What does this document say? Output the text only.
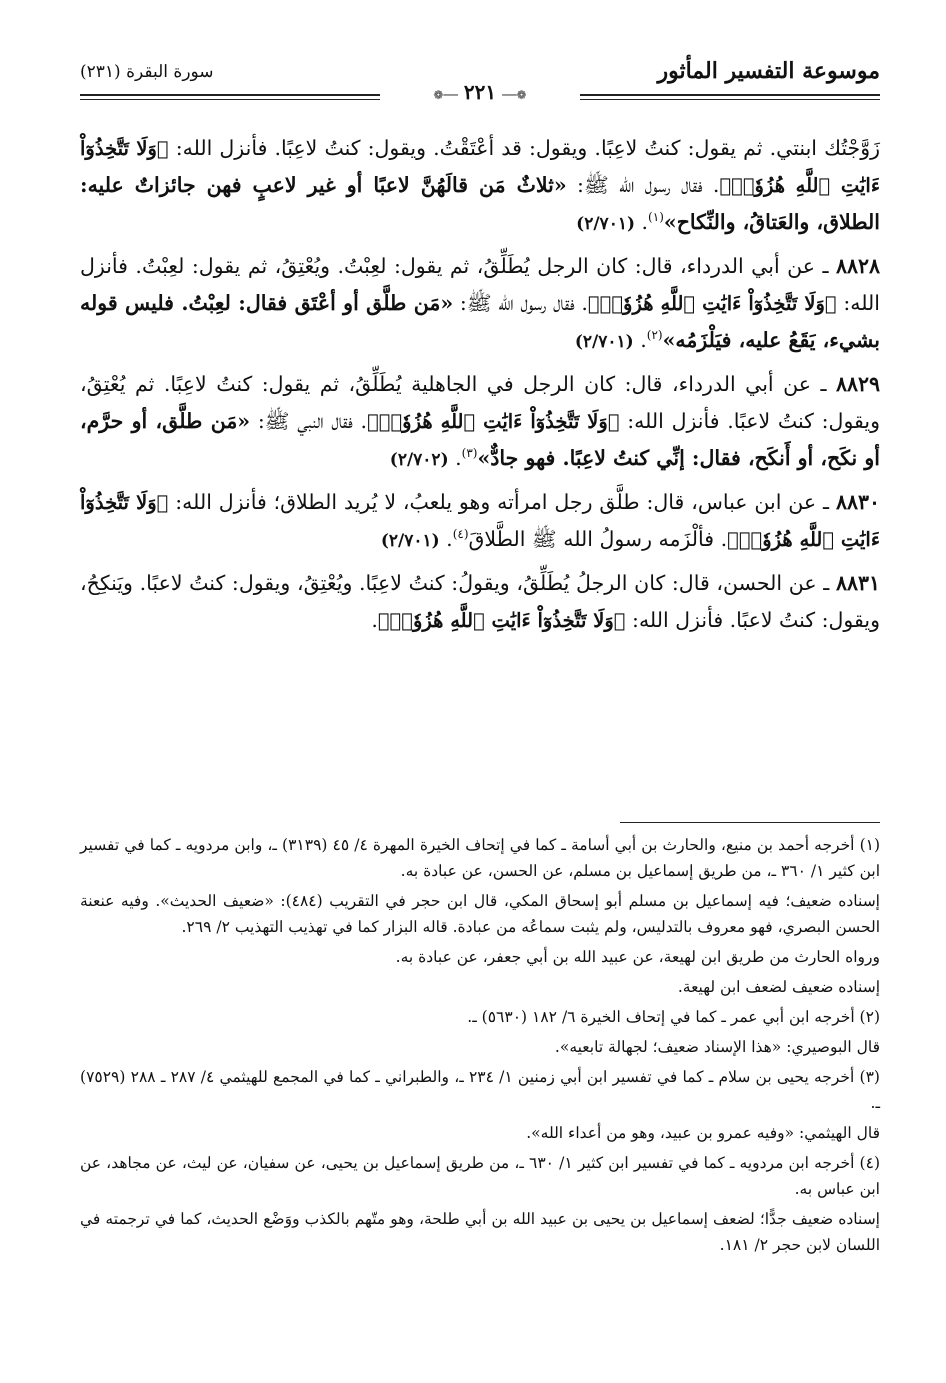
موسوعة التفسير المأثور
❁──٢٢١──❁
سورة البقرة (٢٣١)

زَوَّجْتُك ابنتي. ثم يقول: كنتُ لاعِبًا. ويقول: قد أعْتَقْتُ. ويقول: كنتُ لاعِبًا. فأنزل الله: ﴿وَلَا تَتَّخِذُوٓاْ ءَايَٰتِ ٱللَّهِ هُزُوٗاۚ﴾. فقال رسول الله ﷺ: «ثلاثٌ مَن قالَهُنَّ لاعبًا أو غير لاعبٍ فهن جائزاتٌ عليه: الطلاق، والعَتاقُ، والنِّكاح»$^{(١)}$. (٢/٧٠١)

٨٨٢٨ ـ عن أبي الدرداء، قال: كان الرجل يُطَلِّقُ، ثم يقول: لعِبْتُ. ويُعْتِقُ، ثم يقول: لعِبْتُ. فأنزل الله: ﴿وَلَا تَتَّخِذُوٓاْ ءَايَٰتِ ٱللَّهِ هُزُوٗاۚ﴾. فقال رسول الله ﷺ: «مَن طلَّق أو أعْتَق فقال: لعِبْتُ. فليس قوله بشيء، يَقَعُ عليه، فيَلْزَمُه»$^{(٢)}$. (٢/٧٠١)

٨٨٢٩ ـ عن أبي الدرداء، قال: كان الرجل في الجاهلية يُطَلِّقُ، ثم يقول: كنتُ لاعِبًا. ثم يُعْتِقُ، ويقول: كنتُ لاعبًا. فأنزل الله: ﴿وَلَا تَتَّخِذُوٓاْ ءَايَٰتِ ٱللَّهِ هُزُوٗاۚ﴾. فقال النبي ﷺ: «مَن طلَّق، أو حرَّم، أو نكَح، أو أَنكَح، فقال: إنِّي كنتُ لاعِبًا. فهو جادٌّ»$^{(٣)}$. (٢/٧٠٢)

٨٨٣٠ ـ عن ابن عباس، قال: طلَّق رجل امرأته وهو يلعبُ، لا يُريد الطلاق؛ فأنزل الله: ﴿وَلَا تَتَّخِذُوٓاْ ءَايَٰتِ ٱللَّهِ هُزُوٗاۚ﴾. فألْزَمه رسولُ الله ﷺ الطَّلاقَ$^{(٤)}$. (٢/٧٠١)

٨٨٣١ ـ عن الحسن، قال: كان الرجلُ يُطَلِّقُ، ويقولُ: كنتُ لاعِبًا. ويُعْتِقُ، ويقول: كنتُ لاعبًا. ويَنكِحُ، ويقول: كنتُ لاعبًا. فأنزل الله: ﴿وَلَا تَتَّخِذُوٓاْ ءَايَٰتِ ٱللَّهِ هُزُوٗاۚ﴾.

(١) أخرجه أحمد بن منيع، والحارث بن أبي أسامة ـ كما في إتحاف الخيرة المهرة ٤/ ٤٥ (٣١٣٩) ـ، وابن مردويه ـ كما في تفسير ابن كثير ١/ ٣٦٠ ـ، من طريق إسماعيل بن مسلم، عن الحسن، عن عبادة به.

إسناده ضعيف؛ فيه إسماعيل بن مسلم أبو إسحاق المكي، قال ابن حجر في التقريب (٤٨٤): «ضعيف الحديث». وفيه عنعنة الحسن البصري، فهو معروف بالتدليس، ولم يثبت سماعُه من عبادة. قاله البزار كما في تهذيب التهذيب ٢/ ٢٦٩.

ورواه الحارث من طريق ابن لهيعة، عن عبيد الله بن أبي جعفر، عن عبادة به.

إسناده ضعيف لضعف ابن لهيعة.

(٢) أخرجه ابن أبي عمر ـ كما في إتحاف الخيرة ٦/ ١٨٢ (٥٦٣٠) ـ.

قال البوصيري: «هذا الإسناد ضعيف؛ لجهالة تابعيه».

(٣) أخرجه يحيى بن سلام ـ كما في تفسير ابن أبي زمنين ١/ ٢٣٤ ـ، والطبراني ـ كما في المجمع للهيثمي ٤/ ٢٨٧ ـ ٢٨٨ (٧٥٢٩) ـ.

قال الهيثمي: «وفيه عمرو بن عبيد، وهو من أعداء الله».

(٤) أخرجه ابن مردويه ـ كما في تفسير ابن كثير ١/ ٦٣٠ ـ، من طريق إسماعيل بن يحيى، عن سفيان، عن ليث، عن مجاهد، عن ابن عباس به.

إسناده ضعيف جدًّا؛ لضعف إسماعيل بن يحيى بن عبيد الله بن أبي طلحة، وهو متّهم بالكذب ووَضْع الحديث، كما في ترجمته في اللسان لابن حجر ٢/ ١٨١.
